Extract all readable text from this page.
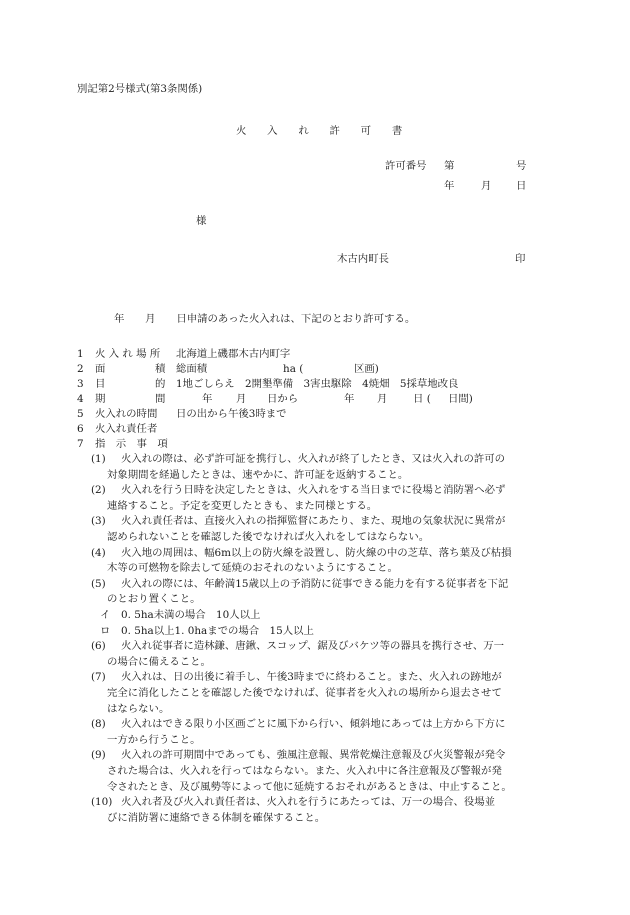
別記第2号様式(第3条関係)
火　　入　　れ　　許　　可　　書
許可番号 第	号
年	月 日
様
木古内町長	印
年　　月　　日申請のあった火入れは、下記のとおり許可する。
1 火 入 れ 場 所 北海道上磯郡木古内町字
2 面	積 総面積	ha (	区画)
3 目	的 1地ごしらえ　2開墾準備　3害虫駆除　4焼畑　5採草地改良
4 期	間	年 月 日から	年 月 日 ( 日間)
5 火入れの時間 日の出から午後3時まで
6 火入れ責任者
7 指　示　事　項
(1) 火入れの際は、必ず許可証を携行し、火入れが終了したとき、又は火入れの許可の
対象期間を経過したときは、速やかに、許可証を返納すること。
(2) 火入れを行う日時を決定したときは、火入れをする当日までに役場と消防署へ必ず
連絡すること。予定を変更したときも、また同様とする。
(3) 火入れ責任者は、直接火入れの指揮監督にあたり、また、現地の気象状況に異常が
認められないことを確認した後でなければ火入れをしてはならない。
(4) 火入地の周囲は、幅6m以上の防火線を設置し、防火線の中の芝草、落ち葉及び枯損
木等の可燃物を除去して延焼のおそれのないようにすること。
(5) 火入れの際には、年齢満15歳以上の予消防に従事できる能力を有する従事者を下記
のとおり置くこと。
イ 0. 5ha未満の場合　10人以上
ロ 0. 5ha以上1. 0haまでの場合　15人以上
(6) 火入れ従事者に造林鎌、唐鍬、スコップ、鋸及びバケツ等の器具を携行させ、万一
の場合に備えること。
(7) 火入れは、日の出後に着手し、午後3時までに終わること。また、火入れの跡地が
完全に消化したことを確認した後でなければ、従事者を火入れの場所から退去させて
はならない。
(8) 火入れはできる限り小区画ごとに風下から行い、傾斜地にあっては上方から下方に
一方から行うこと。
(9) 火入れの許可期間中であっても、強風注意報、異常乾燥注意報及び火災警報が発令
された場合は、火入れを行ってはならない。また、火入れ中に各注意報及び警報が発
令されたとき、及び風勢等によって他に延焼するおそれがあるときは、中止すること。
(10) 火入れ者及び火入れ責任者は、火入れを行うにあたっては、万一の場合、役場並
びに消防署に連絡できる体制を確保すること。
